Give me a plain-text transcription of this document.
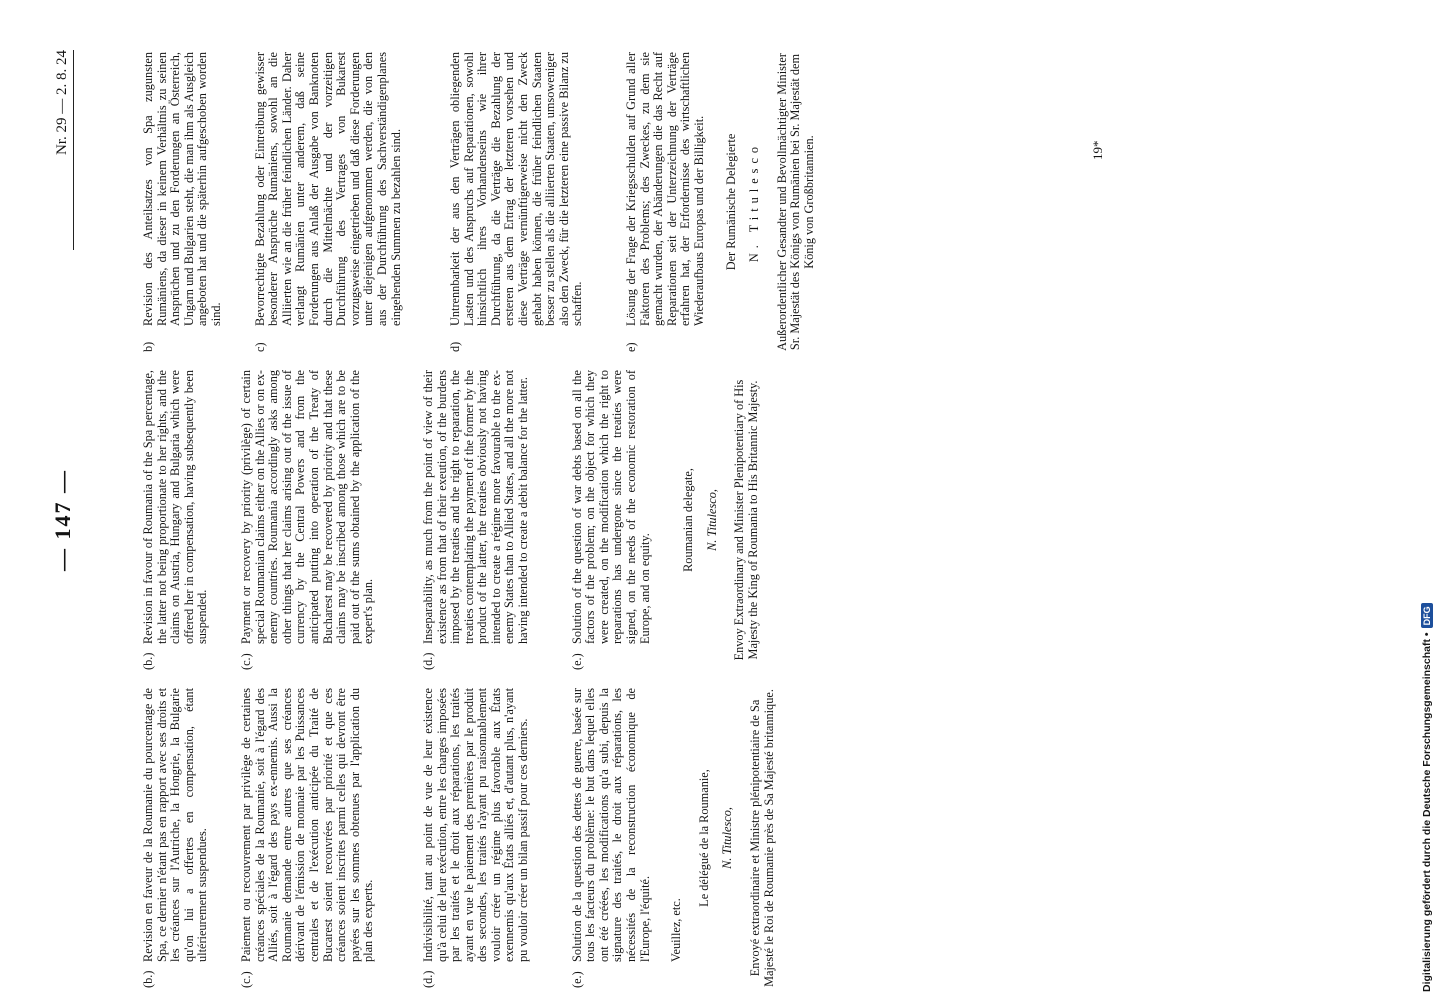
— 147 —
Nr. 29 — 2. 8. 24
(b.)
Revision en faveur de la Roumanie du pourcentage de Spa, ce dernier n'étant pas en rapport avec ses droits et les créances sur l'Autriche, la Hongrie, la Bulgarie qu'on lui a offertes en compensation, étant ultérieurement suspendues.
(c.)
Paiement ou recouvrement par privilège de certaines créances spéciales de la Roumanie, soit à l'égard des Alliés, soit à l'égard des pays ex-ennemis. Aussi la Roumanie demande entre autres que ses créances dérivant de l'émission de monnaie par les Puissances centrales et de l'exécution anticipée du Traité de Bucarest soient recouvrées par priorité et que ces créances soient inscrites parmi celles qui devront être payées sur les sommes obtenues par l'application du plan des experts.
(d.)
Indivisibilité, tant au point de vue de leur existence qu'à celui de leur exécution, entre les charges imposées par les traités et le droit aux réparations, les traités ayant en vue le paiement des premières par le produit des secondes, les traités n'ayant pu raisonnablement vouloir créer un régime plus favorable aux États exennemis qu'aux États alliés et, d'autant plus, n'ayant pu vouloir créer un bilan passif pour ces derniers.
(e.)
Solution de la question des dettes de guerre, basée sur tous les facteurs du problème: le but dans lequel elles ont été créées, les modifications qu'a subi, depuis la signature des traités, le droit aux réparations, les nécessités de la reconstruction économique de l'Europe, l'équité. Veuillez, etc.
Le délégué de la Roumanie, N. Titulesco, Envoyé extraordinaire et Ministre plénipotentiaire de Sa Majesté le Roi de Roumanie près de Sa Majesté britannique.
(b.)
Revision in favour of Roumania of the Spa percentage, the latter not being proportionate to her rights, and the claims on Austria, Hungary and Bulgaria which were offered her in compensation, having subsequently been suspended.
(c.)
Payment or recovery by priority (privilège) of certain special Roumanian claims either on the Allies or on ex-enemy countries. Roumania accordingly asks among other things that her claims arising out of the issue of currency by the Central Powers and from the anticipated putting into operation of the Treaty of Bucharest may be recovered by priority and that these claims may be inscribed among those which are to be paid out of the sums obtained by the application of the expert's plan.
(d.)
Inseparability, as much from the point of view of their existence as from that of their exeution, of the burdens imposed by the treaties and the right to reparation, the treaties contemplating the payment of the former by the product of the latter, the treaties obviously not having intended to create a régime more favourable to the ex-enemy States than to Allied States, and all the more not having intended to create a debit balance for the latter.
(e.)
Solution of the question of war debts based on all the factors of the problem; on the object for which they were created, on the modification which the right to reparations has undergone since the treaties were signed, on the needs of the economic restoration of Europe, and on equity.
Roumanian delegate, N. Titulesco, Envoy Extraordinary and Minister Plenipotentiary of His Majesty the King of Roumania to His Britannic Majesty.
b)
Revision des Anteilsatzes von Spa zugunsten Rumäniens, da dieser in keinem Verhältnis zu seinen Ansprüchen und zu den Forderungen an Österreich, Ungarn und Bulgarien steht, die man ihm als Ausgleich angeboten hat und die späterhin aufgeschoben worden sind.
c)
Bevorrechtigte Bezahlung oder Eintreibung gewisser besonderer Ansprüche Rumäniens, sowohl an die Alliierten wie an die früher feindlichen Länder. Daher verlangt Rumänien unter anderem, daß seine Forderungen aus Anlaß der Ausgabe von Banknoten durch die Mittelmächte und der vorzeitigen Durchführung des Vertrages von Bukarest vorzugsweise eingetrieben und daß diese Forderungen unter diejenigen aufgenommen werden, die von den aus der Durchführung des Sachverständigenplanes eingehenden Summen zu bezahlen sind.
d)
Untrennbarkeit der aus den Verträgen obliegenden Lasten und des Anspruchs auf Reparationen, sowohl hinsichtlich ihres Vorhandenseins wie ihrer Durchführung, da die Verträge die Bezahlung der ersteren aus dem Ertrag der letzteren vorsehen und diese Verträge vernünftigerweise nicht den Zweck gehabt haben können, die früher feindlichen Staaten besser zu stellen als die alliierten Staaten, umsoweniger also den Zweck, für die letzteren eine passive Bilanz zu schaffen.
e)
Lösung der Frage der Kriegsschulden auf Grund aller Faktoren des Problems; des Zweckes, zu dem sie gemacht wurden, der Abänderungen die das Recht auf Reparationen seit der Unterzeichnung der Verträge erfahren hat, der Erfordernisse des wirtschaftlichen Wiederaufbaus Europas und der Billigkeit. Der Rumänische Delegierte N. Titulesco Außerordentlicher Gesandter und Bevollmächtigter Minister Sr. Majestät des Königs von Rumänien bei Sr. Majestät dem König von Großbritannien.	19*
Digitalisierung gefördert durch die Deutsche Forschungsgemeinschaft •
DFG
